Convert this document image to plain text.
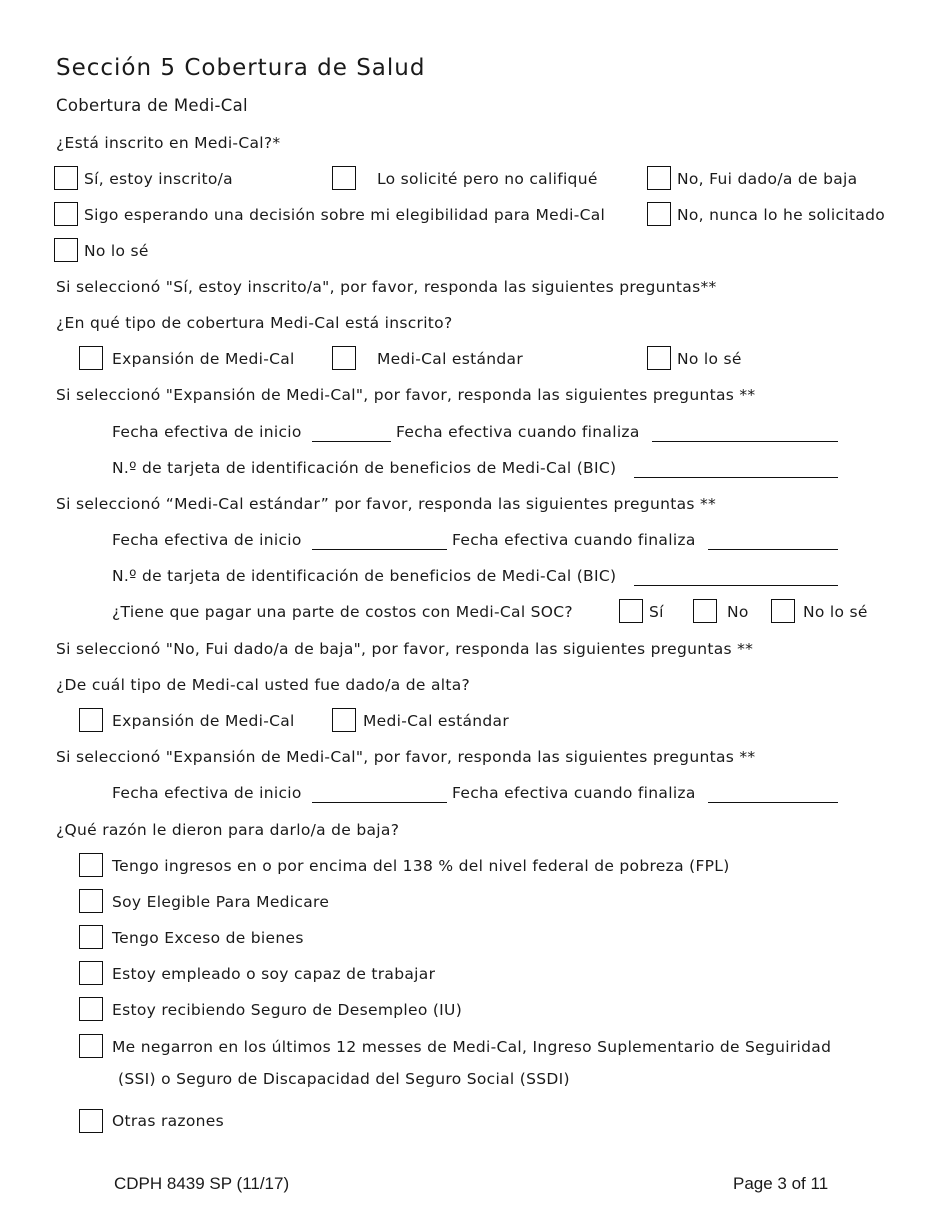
Sección 5 Cobertura de Salud
Cobertura de Medi-Cal
¿Está inscrito en Medi-Cal?*
Sí, estoy inscrito/a	Lo solicité pero no califiqué	No, Fui dado/a de baja
Sigo esperando una decisión sobre mi elegibilidad para Medi-Cal	No, nunca lo he solicitado
No lo sé
Si seleccionó "Sí, estoy inscrito/a", por favor, responda las siguientes preguntas**
¿En qué tipo de cobertura Medi-Cal está inscrito?
Expansión de Medi-Cal	Medi-Cal estándar	No lo sé
Si seleccionó "Expansión de Medi-Cal", por favor, responda las siguientes preguntas **
Fecha efectiva de inicio	Fecha efectiva cuando finaliza
N.º de tarjeta de identificación de beneficios de Medi-Cal (BIC)
Si seleccionó “Medi-Cal estándar” por favor, responda las siguientes preguntas **
Fecha efectiva de inicio	Fecha efectiva cuando finaliza
N.º de tarjeta de identificación de beneficios de Medi-Cal (BIC)
¿Tiene que pagar una parte de costos con Medi-Cal SOC?	Sí	No	No lo sé
Si seleccionó "No, Fui dado/a de baja", por favor, responda las siguientes preguntas **
¿De cuál tipo de Medi-cal usted fue dado/a de alta?
Expansión de Medi-Cal	Medi-Cal estándar
Si seleccionó "Expansión de Medi-Cal", por favor, responda las siguientes preguntas **
Fecha efectiva de inicio	Fecha efectiva cuando finaliza
¿Qué razón le dieron para darlo/a de baja?
Tengo ingresos en o por encima del 138 % del nivel federal de pobreza (FPL)
Soy Elegible Para Medicare
Tengo Exceso de bienes
Estoy empleado o soy capaz de trabajar
Estoy recibiendo Seguro de Desempleo (IU)
Me negarron en los últimos 12 messes de Medi-Cal, Ingreso Suplementario de Seguiridad
(SSI) o Seguro de Discapacidad del Seguro Social (SSDI)
Otras razones
CDPH 8439 SP (11/17)	Page 3 of 11
